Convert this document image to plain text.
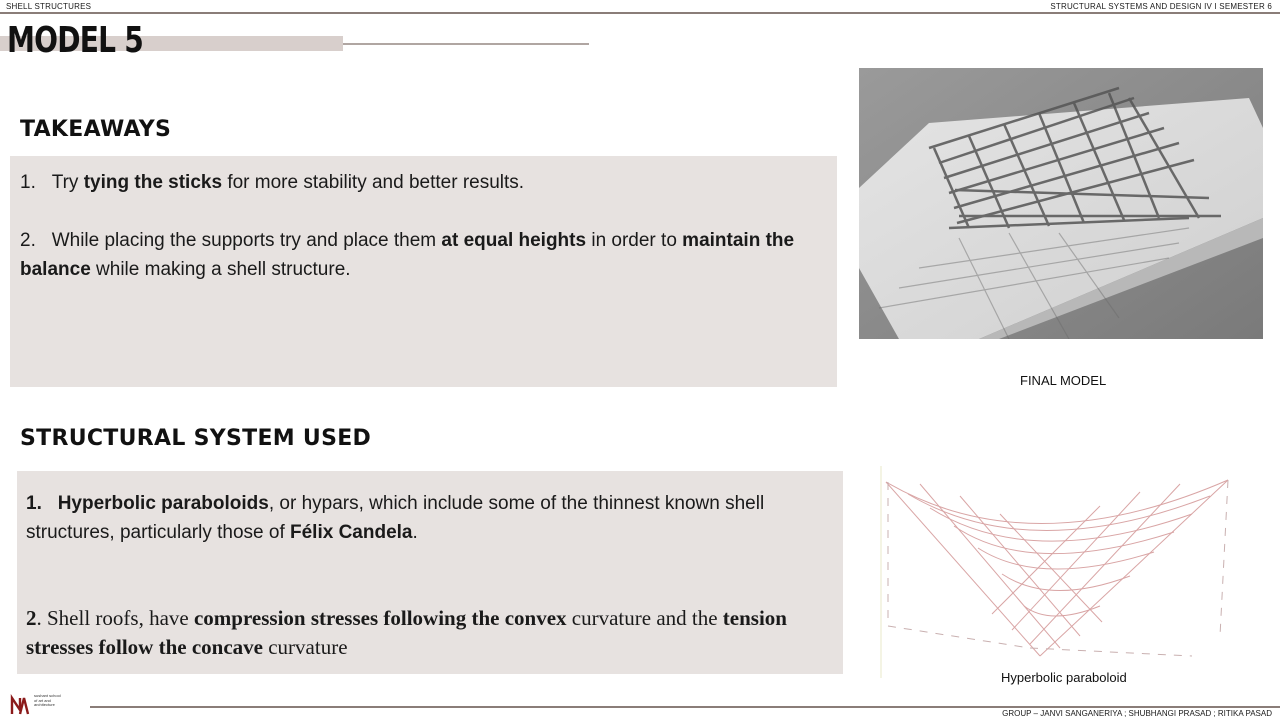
SHELL STRUCTURES	STRUCTURAL SYSTEMS AND DESIGN IV I SEMESTER 6
MODEL 5
TAKEAWAYS

1. Try tying the sticks for more stability and better results.

2. While placing the supports try and place them at equal heights in order to maintain the balance while making a shell structure.

STRUCTURAL SYSTEM USED

1. Hyperbolic paraboloids, or hypars, which include some of the thinnest known shell structures, particularly those of Félix Candela.

2. Shell roofs, have compression stresses following the convex curvature and the tension stresses follow the concave curvature

FINAL MODEL
Hyperbolic paraboloid
sushant school of art and architecture
GROUP – JANVI SANGANERIYA ; SHUBHANGI PRASAD ; RITIKA PASAD
